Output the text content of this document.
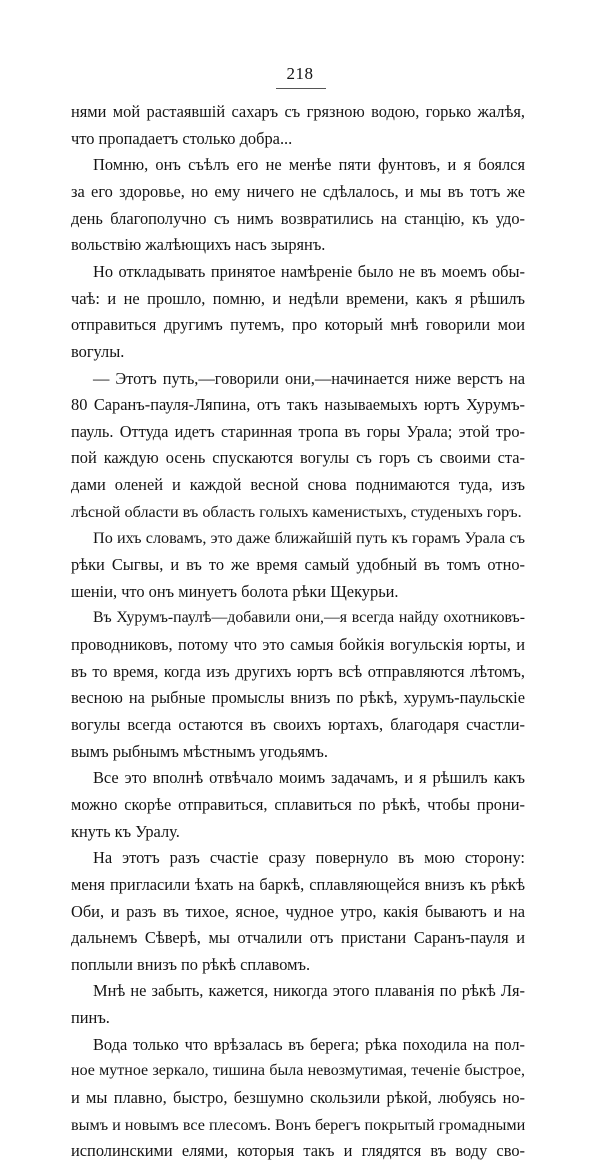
218
нями мой растаявшій сахаръ съ грязною водою, горько жалѣя,
что пропадаетъ столько добра...
Помню, онъ съѣлъ его не менѣе пяти фунтовъ, и я боялся
за его здоровье, но ему ничего не сдѣлалось, и мы въ тотъ же
день благополучно съ нимъ возвратились на станцію, къ удо-
вольствію жалѣющихъ насъ зырянъ.
Но откладывать принятое намѣреніе было не въ моемъ обы-
чаѣ: и не прошло, помню, и недѣли времени, какъ я рѣшилъ
отправиться другимъ путемъ, про который мнѣ говорили мои
вогулы.
— Этотъ путь,—говорили они,—начинается ниже верстъ на
80 Саранъ-пауля-Ляпина, отъ такъ называемыхъ юртъ Хурумъ-
пауль. Оттуда идетъ старинная тропа въ горы Урала; этой тро-
пой каждую осень спускаются вогулы съ горъ съ своими ста-
дами оленей и каждой весной снова поднимаются туда, изъ
лѣсной области въ область голыхъ каменистыхъ, студеныхъ горъ.
По ихъ словамъ, это даже ближайшій путь къ горамъ Урала съ
рѣки Сыгвы, и въ то же время самый удобный въ томъ отно-
шеніи, что онъ минуетъ болота рѣки Щекурьи.
Въ Хурумъ-паулѣ—добавили они,—я всегда найду охотниковъ-
проводниковъ, потому что это самыя бойкія вогульскія юрты, и
въ то время, когда изъ другихъ юртъ всѣ отправляются лѣтомъ,
весною на рыбные промыслы внизъ по рѣкѣ, хурумъ-паульскіе
вогулы всегда остаются въ своихъ юртахъ, благодаря счастли-
вымъ рыбнымъ мѣстнымъ угодьямъ.
Все это вполнѣ отвѣчало моимъ задачамъ, и я рѣшилъ какъ
можно скорѣе отправиться, сплавиться по рѣкѣ, чтобы прони-
кнуть къ Уралу.
На этотъ разъ счастіе сразу повернуло въ мою сторону:
меня пригласили ѣхать на баркѣ, сплавляющейся внизъ къ рѣкѣ
Оби, и разъ въ тихое, ясное, чудное утро, какія бываютъ и на
дальнемъ Сѣверѣ, мы отчалили отъ пристани Саранъ-пауля и
поплыли внизъ по рѣкѣ сплавомъ.
Мнѣ не забыть, кажется, никогда этого плаванія по рѣкѣ Ля-
пинъ.
Вода только что врѣзалась въ берега; рѣка походила на пол-
ное мутное зеркало, тишина была невозмутимая, теченіе быстрое,
и мы плавно, быстро, безшумно скользили рѣкой, любуясь но-
вымъ и новымъ все плесомъ. Вонъ берегъ покрытый громадными
исполинскими елями, которыя такъ и глядятся въ воду сво-
